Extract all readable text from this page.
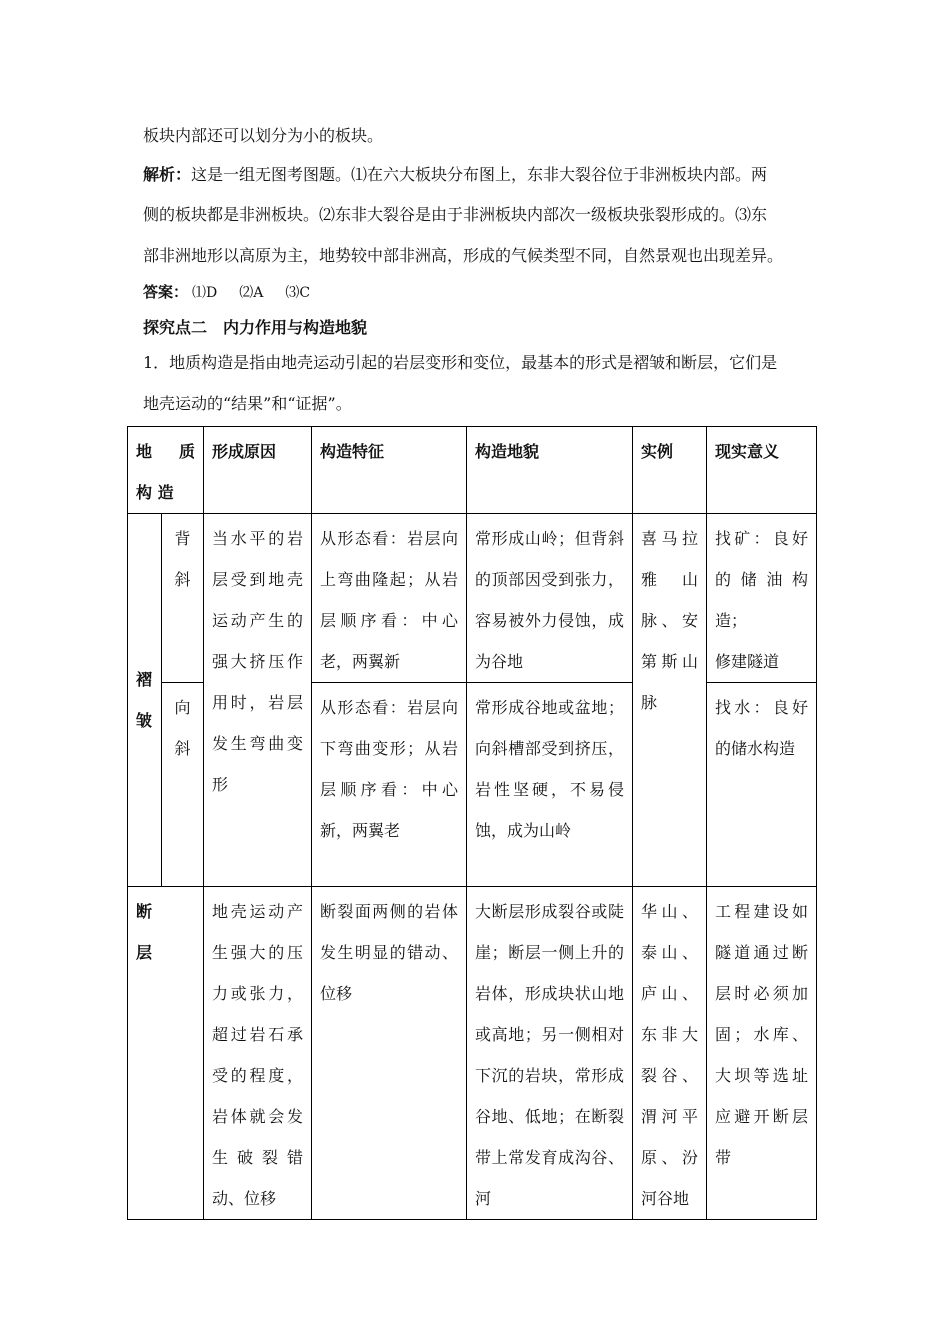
板块内部还可以划分为小的板块。
解析：这是一组无图考图题。⑴在六大板块分布图上，东非大裂谷位于非洲板块内部。两
侧的板块都是非洲板块。⑵东非大裂谷是由于非洲板块内部次一级板块张裂形成的。⑶东
部非洲地形以高原为主，地势较中部非洲高，形成的气候类型不同，自然景观也出现差异。
答案： ⑴D ⑵A ⑶C
探究点二　内力作用与构造地貌
1．地质构造是指由地壳运动引起的岩层变形和变位，最基本的形式是褶皱和断层，它们是
地壳运动的“结果”和“证据”。
地 质 构 造		形成原因	构造特征	构造地貌	实例	现实意义

褶皱	背斜	当水平的岩层受到地壳运动产生的强大挤压作用时，岩层发生弯曲变形	从形态看：岩层向上弯曲隆起；从岩层顺序看：中心老，两翼新	常形成山岭；但背斜的顶部因受到张力，容易被外力侵蚀，成为谷地	喜马拉雅山脉、安第斯山脉	找矿：良好的储油构造；
修建隧道

	向斜		从形态看：岩层向下弯曲变形；从岩层顺序看：中心新，两翼老	常形成谷地或盆地；向斜槽部受到挤压，岩性坚硬，不易侵蚀，成为山岭		找水：良好的储水构造

断层		地壳运动产生强大的压力或张力，超过岩石承受的程度，岩体就会发生破裂错动、位移	断裂面两侧的岩体发生明显的错动、位移	大断层形成裂谷或陡崖；断层一侧上升的岩体，形成块状山地或高地；另一侧相对下沉的岩块，常形成谷地、低地；在断裂带上常发育成沟谷、河	华山、泰山、庐山、东非大裂谷、渭河平原、汾河谷地	工程建设如隧道通过断层时必须加固；水库、大坝等选址应避开断层带
